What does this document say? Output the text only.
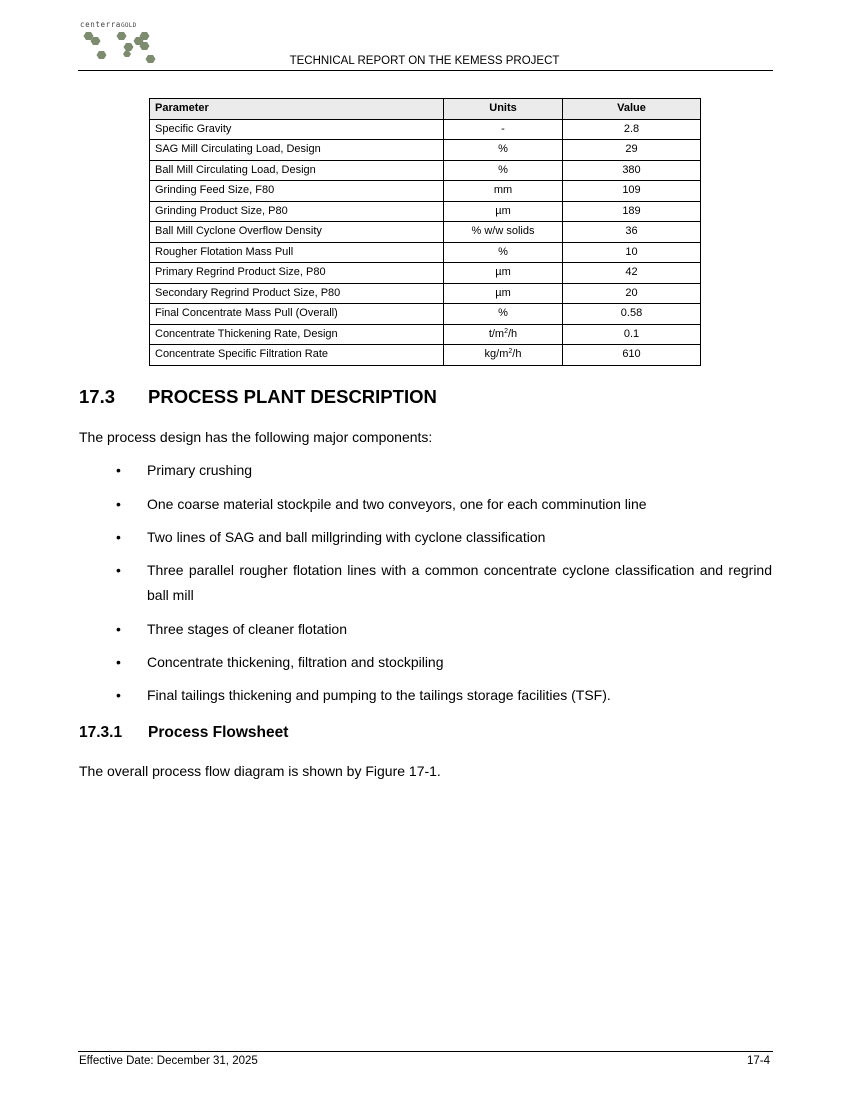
centerraGOLD
TECHNICAL REPORT ON THE KEMESS PROJECT
Parameter	Units	Value
Specific Gravity	-	2.8
SAG Mill Circulating Load, Design	%	29
Ball Mill Circulating Load, Design	%	380
Grinding Feed Size, F80	mm	109
Grinding Product Size, P80	µm	189
Ball Mill Cyclone Overflow Density	% w/w solids	36
Rougher Flotation Mass Pull	%	10
Primary Regrind Product Size, P80	µm	42
Secondary Regrind Product Size, P80	µm	20
Final Concentrate Mass Pull (Overall)	%	0.58
Concentrate Thickening Rate, Design	$t/m^2/h$	0.1
Concentrate Specific Filtration Rate	$kg/m^2/h$	610
17.3 PROCESS PLANT DESCRIPTION
The process design has the following major components:
• Primary crushing
• One coarse material stockpile and two conveyors, one for each comminution line
• Two lines of SAG and ball millgrinding with cyclone classification
• Three parallel rougher flotation lines with a common concentrate cyclone classification and regrind ball mill
• Three stages of cleaner flotation
• Concentrate thickening, filtration and stockpiling
• Final tailings thickening and pumping to the tailings storage facilities (TSF).
17.3.1 Process Flowsheet
The overall process flow diagram is shown by Figure 17-1.
Effective Date: December 31, 2025	17-4
